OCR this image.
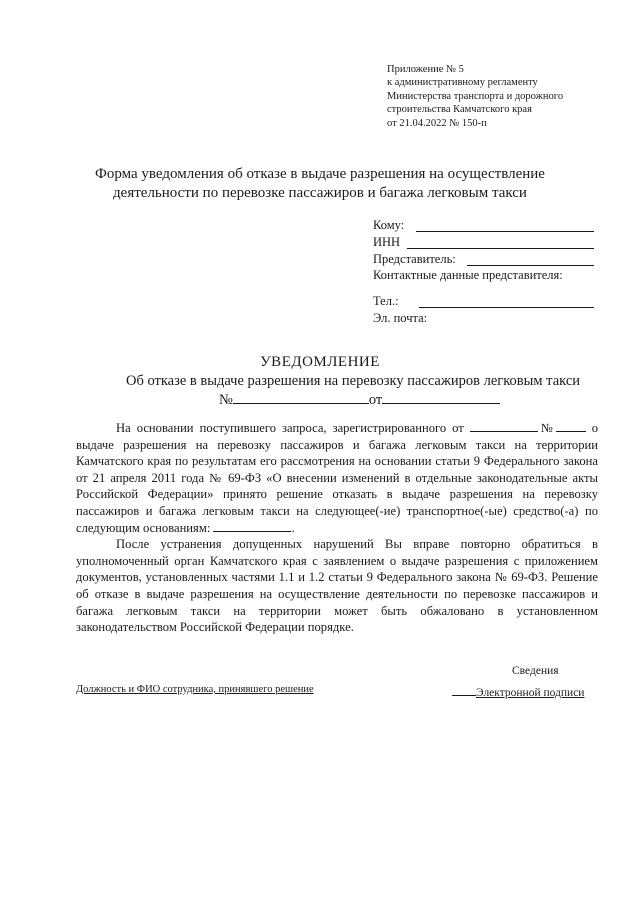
Приложение № 5
к административному регламенту
Министерства транспорта и дорожного
строительства Камчатского края
от 21.04.2022 № 150-п
Форма уведомления об отказе в выдаче разрешения на осуществление
деятельности по перевозке пассажиров и багажа легковым такси
Кому:
ИНН
Представитель:
Контактные данные представителя:
Тел.:
Эл. почта:
УВЕДОМЛЕНИЕ
Об отказе в выдаче разрешения на перевозку пассажиров легковым такси
№	от

На основании поступившего запроса, зарегистрированного от	№	о выдаче разрешения на перевозку пассажиров и багажа легковым такси на территории Камчатского края по результатам его рассмотрения на основании статьи 9 Федерального закона от 21 апреля 2011 года № 69-ФЗ «О внесении изменений в отдельные законодательные акты Российской Федерации» принято решение отказать в выдаче разрешения на перевозку пассажиров и багажа легковым такси на следующее(-ие) транспортное(-ые) средство(-а) по следующим основаниям:	.

После устранения допущенных нарушений Вы вправе повторно обратиться в уполномоченный орган Камчатского края с заявлением о выдаче разрешения с приложением документов, установленных частями 1.1 и 1.2 статьи 9 Федерального закона № 69-ФЗ. Решение об отказе в выдаче разрешения на осуществление деятельности по перевозке пассажиров и багажа легковым такси на территории может быть обжаловано в установленном законодательством Российской Федерации порядке.

Сведения
Должность и ФИО сотрудника, принявшего решение	Электронной подписи
